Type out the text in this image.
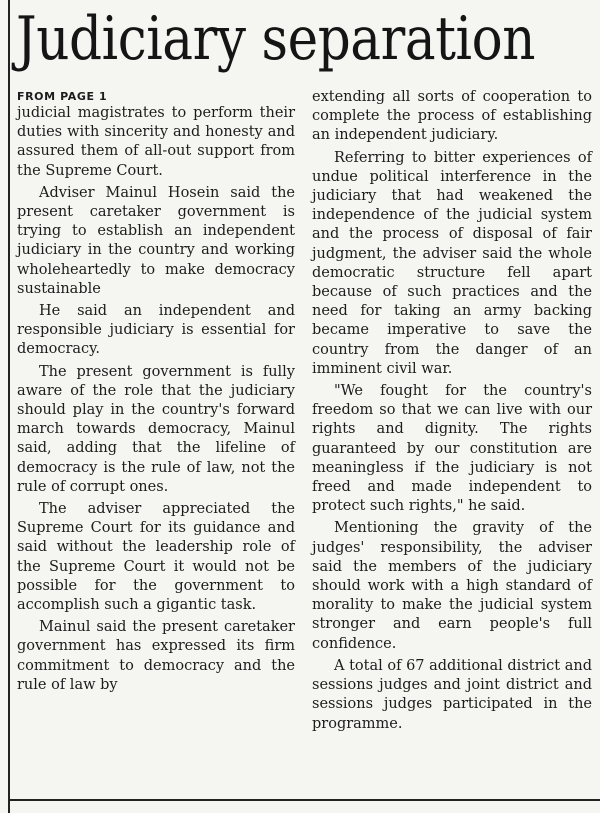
Judiciary separation
FROM PAGE 1

judicial magistrates to perform their duties with sincerity and honesty and assured them of all-out support from the Supreme Court.

Adviser Mainul Hosein said the present caretaker government is trying to establish an independent judiciary in the country and working wholeheartedly to make democracy sustainable

He said an independent and responsible judiciary is essential for democracy.

The present government is fully aware of the role that the judiciary should play in the country's forward march towards democracy, Mainul said, adding that the lifeline of democracy is the rule of law, not the rule of corrupt ones.

The adviser appreciated the Supreme Court for its guidance and said without the leadership role of the Supreme Court it would not be possible for the government to accomplish such a gigantic task.

Mainul said the present caretaker government has expressed its firm commitment to democracy and the rule of law by

extending all sorts of cooperation to complete the process of establishing an independent judiciary.

Referring to bitter experiences of undue political interference in the judiciary that had weakened the independence of the judicial system and the process of disposal of fair judgment, the adviser said the whole democratic structure fell apart because of such practices and the need for taking an army backing became imperative to save the country from the danger of an imminent civil war.

"We fought for the country's freedom so that we can live with our rights and dignity. The rights guaranteed by our constitution are meaningless if the judiciary is not freed and made independent to protect such rights," he said.

Mentioning the gravity of the judges' responsibility, the adviser said the members of the judiciary should work with a high standard of morality to make the judicial system stronger and earn people's full confidence.

A total of 67 additional district and sessions judges and joint district and sessions judges participated in the programme.
